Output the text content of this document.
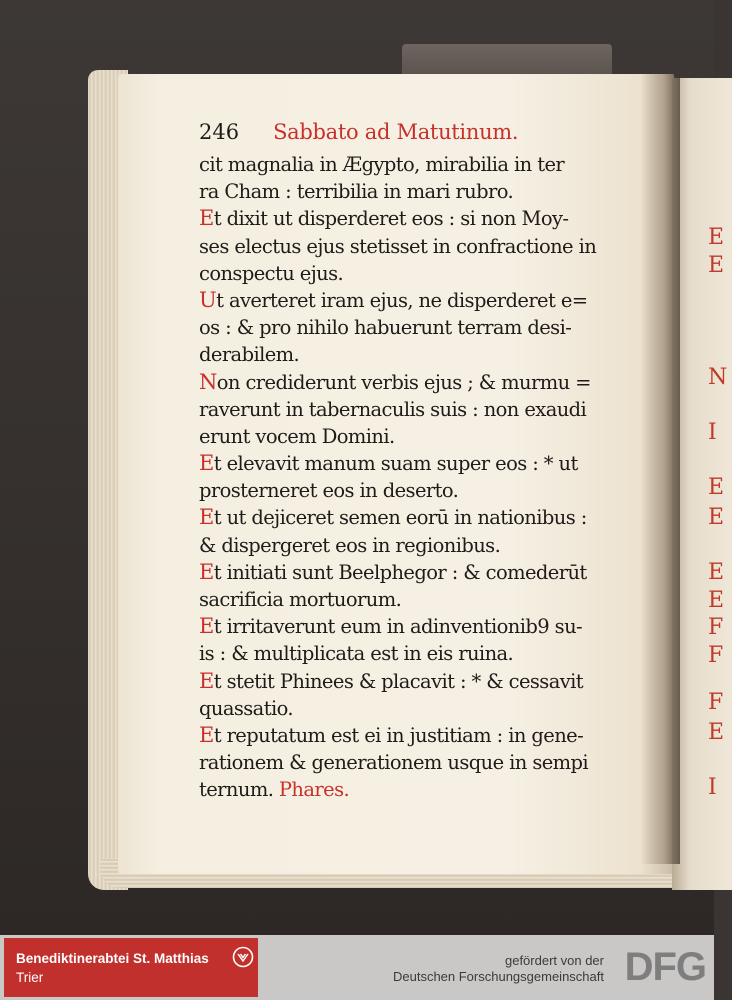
E
E
N
I
E
E
E
E
F
F
F
E
I
246 Sabbato ad Matutinum.
cit magnalia in Ægypto, mirabilia in ter
ra Cham : terribilia in mari rubro.
Et dixit ut disperderet eos : si non Moy-
ses electus ejus stetisset in confractione in
conspectu ejus.
Ut averteret iram ejus, ne disperderet e=
os : & pro nihilo habuerunt terram desi-
derabilem.
Non crediderunt verbis ejus ; & murmu =
raverunt in tabernaculis suis : non exaudi
erunt vocem Domini.
Et elevavit manum suam super eos : * ut
prosterneret eos in deserto.
Et ut dejiceret semen eorū in nationibus :
& dispergeret eos in regionibus.
Et initiati sunt Beelphegor : & comederūt
sacrificia mortuorum.
Et irritaverunt eum in adinventionib9 su-
is : & multiplicata est in eis ruina.
Et stetit Phinees & placavit : * & cessavit
quassatio.
Et reputatum est ei in justitiam : in gene-
rationem & generationem usque in sempi
ternum. Phares.
Benediktinerabtei St. Matthias
Trier
gefördert von der
Deutschen Forschungsgemeinschaft DFG
